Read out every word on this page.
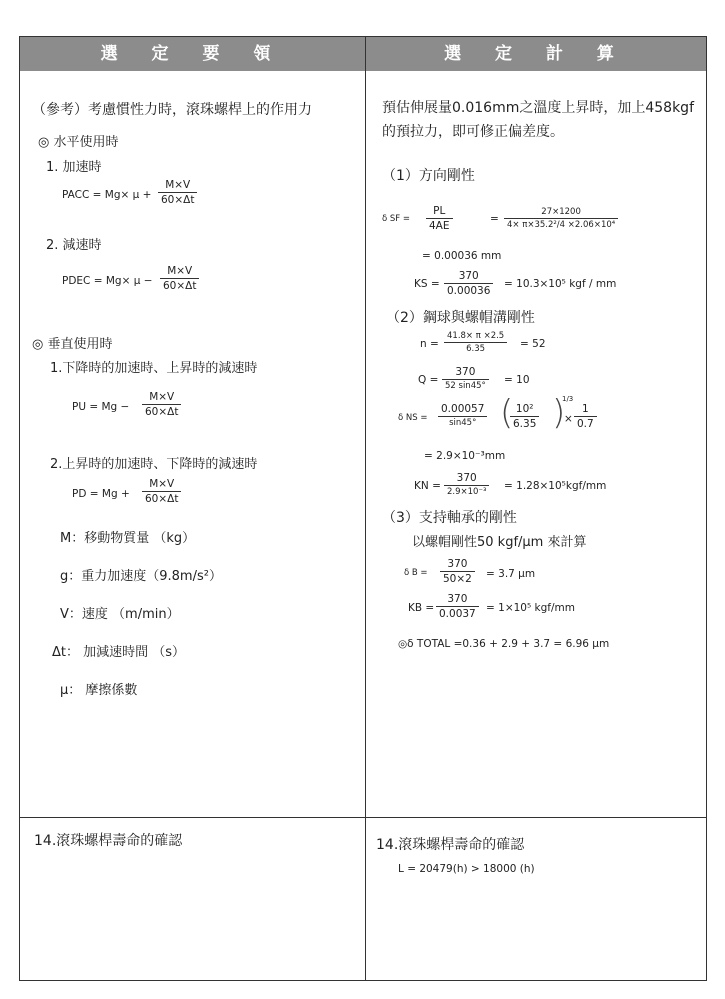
選 定 要 領	選 定 計 算
（參考）考慮慣性力時，滾珠螺桿上的作用力
◎ 水平使用時
1. 加速時
PACC = $Mg\times \mu + \frac{M\times V}{60\times\Delta t}$
2. 減速時
PDEC = $Mg\times \mu - \frac{M\times V}{60\times\Delta t}$
◎ 垂直使用時
1.下降時的加速時、上昇時的減速時
PU = $Mg - \frac{M\times V}{60\times\Delta t}$
2.上昇時的加速時、下降時的減速時
PD = $Mg + \frac{M\times V}{60\times\Delta t}$
M：移動物質量 （kg）
g：重力加速度（9.8m/s²）
V：速度 （m/min）
Δt： 加減速時間 （s）
μ： 摩擦係數
14.滾珠螺桿壽命的確認
預估伸展量0.016mm之溫度上昇時，加上458kgf
的預拉力，即可修正偏差度。
（1）方向剛性
δ SF = $\frac{PL}{4AE}$	= $\frac{27\times 1200}{\text{4× π×35.2²/4 ×2.06×10⁴}}$
= 0.00036 mm
KS = $\frac{370}{0.00036} = 10.3\times 10^5$ kgf / mm
（2）鋼球與螺帽溝剛性
$n = \frac{41.8\times \pi \times 2.5}{6.35} = 52$
Q =
370
52 sin45° = 10
δ NS =
0.00057
sin45° (
$\frac{\text{10²}}{6.35}$ )
1/3
× $\frac{1}{0.7}$
= 2.9×10⁻³mm
KN =
370
2.9×10⁻³ = 1.28×10⁵kgf/mm
（3）支持軸承的剛性
以螺帽剛性50 kgf/μm 來計算
δ $B = \frac{370}{50\times 2} = 3.7$ μm
KB = $\frac{370}{0.0037} = 1\times 10^5$ kgf/mm
◎δ TOTAL =0.36 + 2.9 + 3.7 = 6.96 μm
14.滾珠螺桿壽命的確認
L = 20479(h) > 18000 (h)
